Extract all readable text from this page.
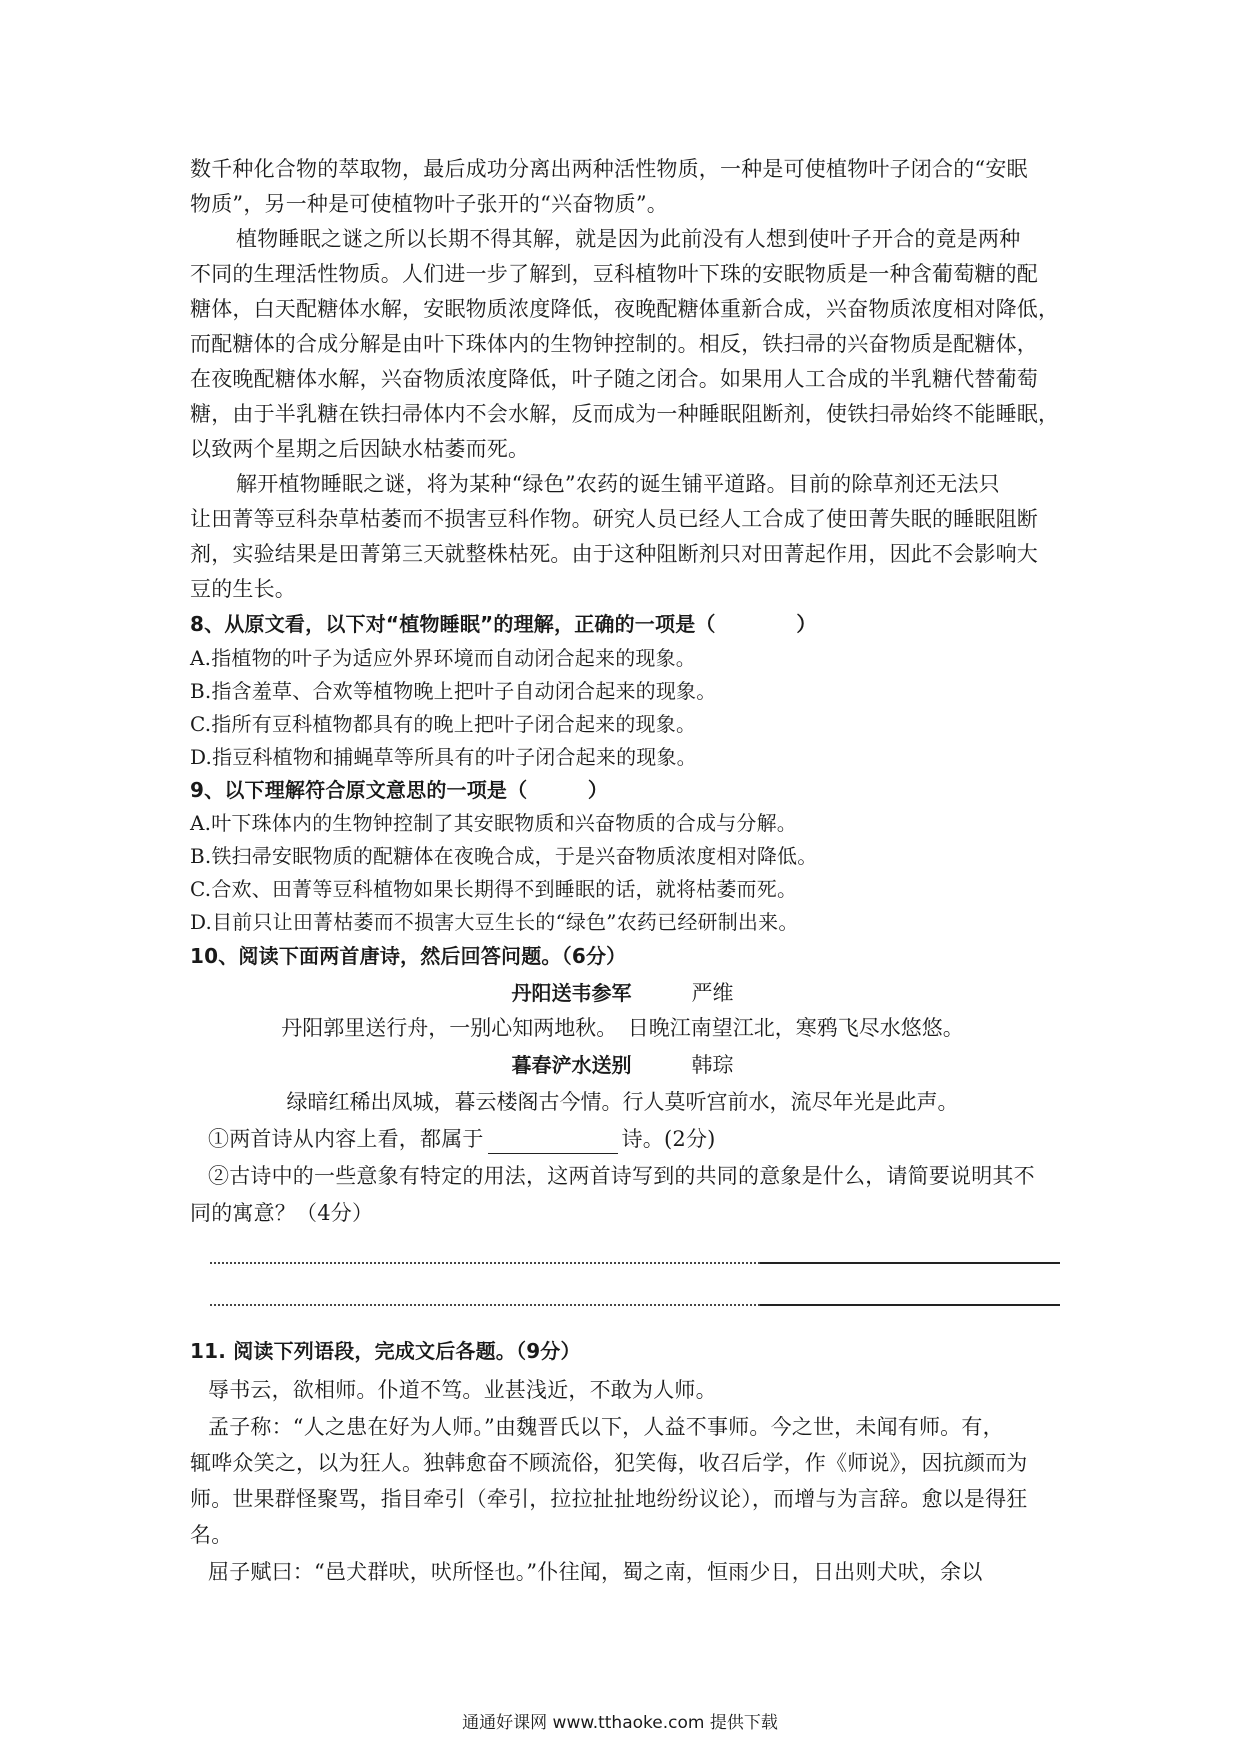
数千种化合物的萃取物，最后成功分离出两种活性物质，一种是可使植物叶子闭合的“安眠
物质”，另一种是可使植物叶子张开的“兴奋物质”。
植物睡眠之谜之所以长期不得其解，就是因为此前没有人想到使叶子开合的竟是两种
不同的生理活性物质。人们进一步了解到，豆科植物叶下珠的安眠物质是一种含葡萄糖的配
糖体，白天配糖体水解，安眠物质浓度降低，夜晚配糖体重新合成，兴奋物质浓度相对降低，
而配糖体的合成分解是由叶下珠体内的生物钟控制的。相反，铁扫帚的兴奋物质是配糖体，
在夜晚配糖体水解，兴奋物质浓度降低，叶子随之闭合。如果用人工合成的半乳糖代替葡萄
糖，由于半乳糖在铁扫帚体内不会水解，反而成为一种睡眠阻断剂，使铁扫帚始终不能睡眠，
以致两个星期之后因缺水枯萎而死。
解开植物睡眠之谜，将为某种“绿色”农药的诞生铺平道路。目前的除草剂还无法只
让田菁等豆科杂草枯萎而不损害豆科作物。研究人员已经人工合成了使田菁失眠的睡眠阻断
剂，实验结果是田菁第三天就整株枯死。由于这种阻断剂只对田菁起作用，因此不会影响大
豆的生长。
8、从原文看，以下对“植物睡眠”的理解，正确的一项是（　　　　）
A.指植物的叶子为适应外界环境而自动闭合起来的现象。
B.指含羞草、合欢等植物晚上把叶子自动闭合起来的现象。
C.指所有豆科植物都具有的晚上把叶子闭合起来的现象。
D.指豆科植物和捕蝇草等所具有的叶子闭合起来的现象。
9、以下理解符合原文意思的一项是（　　　）
A.叶下珠体内的生物钟控制了其安眠物质和兴奋物质的合成与分解。
B.铁扫帚安眠物质的配糖体在夜晚合成，于是兴奋物质浓度相对降低。
C.合欢、田菁等豆科植物如果长期得不到睡眠的话，就将枯萎而死。
D.目前只让田菁枯萎而不损害大豆生长的“绿色”农药已经研制出来。
10、阅读下面两首唐诗，然后回答问题。（6分）
丹阳送韦参军	严维
丹阳郭里送行舟，一别心知两地秋。　日晚江南望江北，寒鸦飞尽水悠悠。
暮春浐水送别	韩琮
绿暗红稀出凤城，暮云楼阁古今情。行人莫听宫前水，流尽年光是此声。
①两首诗从内容上看，都属于	诗。(2分)
②古诗中的一些意象有特定的用法，这两首诗写到的共同的意象是什么，请简要说明其不
同的寓意？（4分）
11. 阅读下列语段，完成文后各题。（9分）
辱书云，欲相师。仆道不笃。业甚浅近，不敢为人师。
孟子称：“人之患在好为人师。”由魏晋氏以下，人益不事师。今之世，未闻有师。有，
辄哗众笑之，以为狂人。独韩愈奋不顾流俗，犯笑侮，收召后学，作《师说》，因抗颜而为
师。世果群怪聚骂，指目牵引（牵引，拉拉扯扯地纷纷议论），而增与为言辞。愈以是得狂
名。
屈子赋曰：“邑犬群吠，吠所怪也。”仆往闻，蜀之南，恒雨少日，日出则犬吠，余以
通通好课网 www.tthaoke.com 提供下载
